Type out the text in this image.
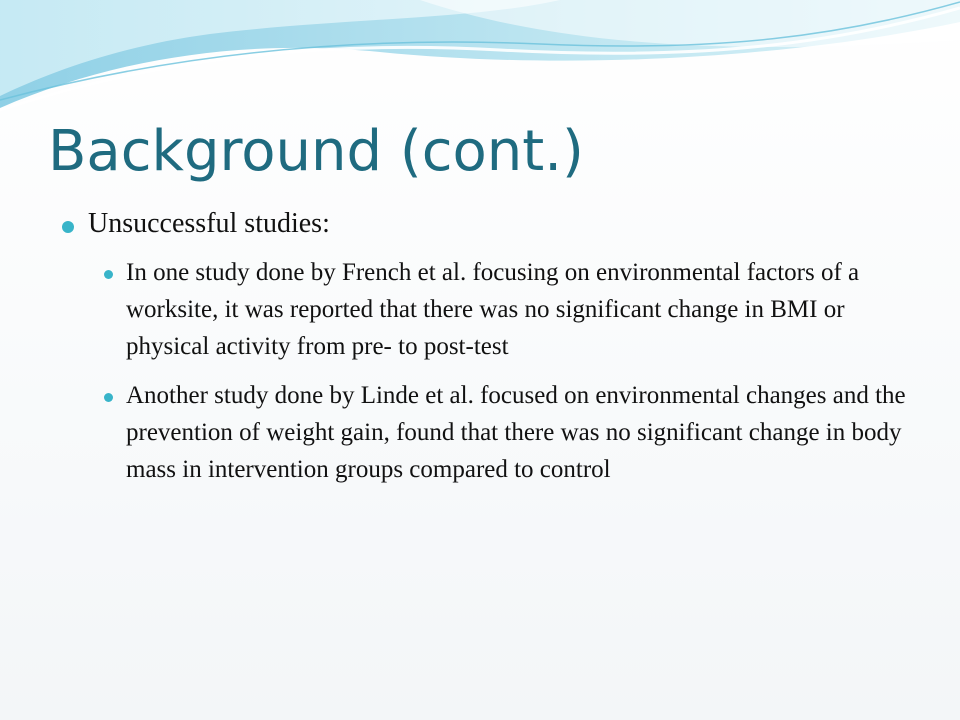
Background (cont.)
Unsuccessful studies:
In one study done by French et al. focusing on environmental factors of a worksite, it was reported that there was no significant change in BMI or physical activity from pre- to post-test
Another study done by Linde et al. focused on environmental changes and the prevention of weight gain, found that there was no significant change in body mass in intervention groups compared to control
